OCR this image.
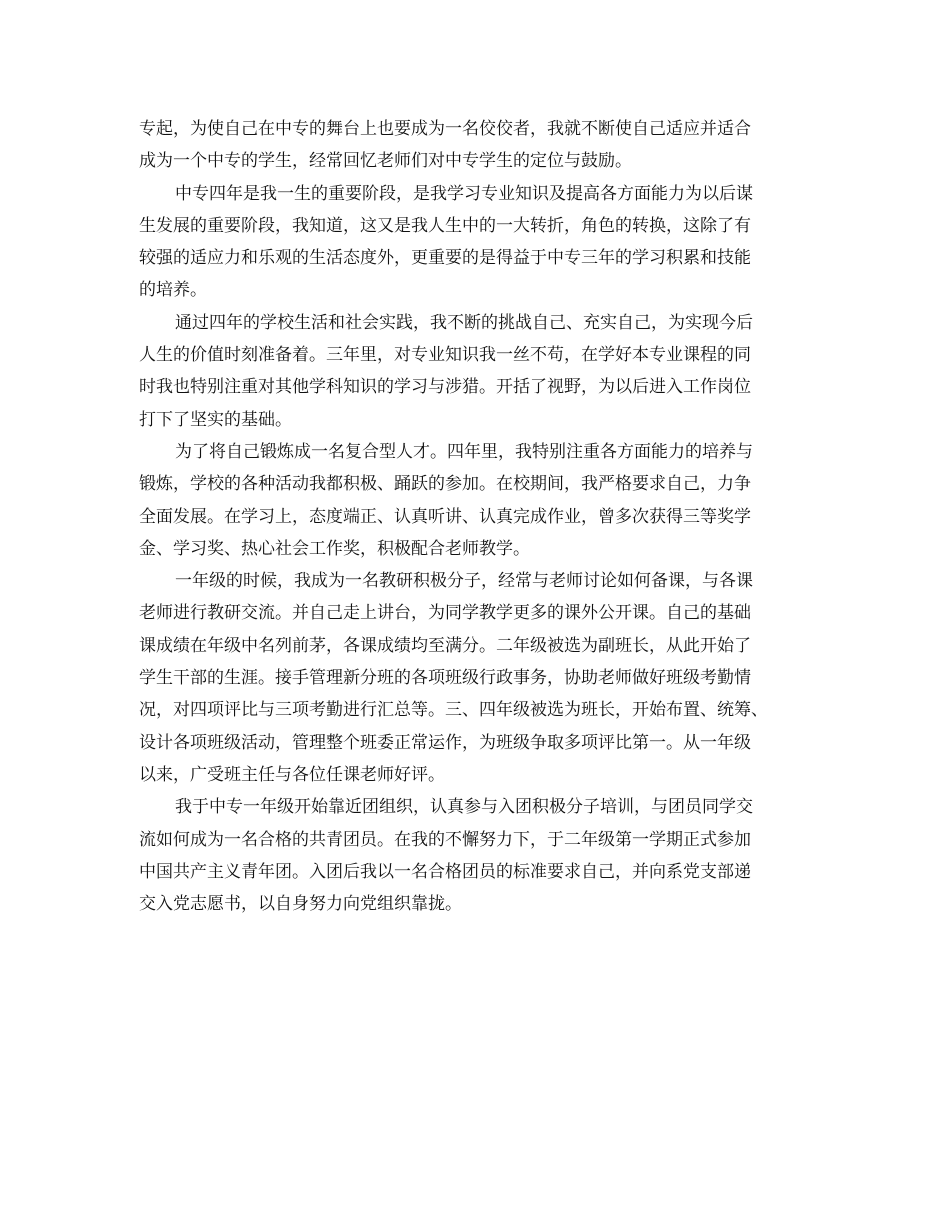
专起，为使自己在中专的舞台上也要成为一名佼佼者，我就不断使自己适应并适合
成为一个中专的学生，经常回忆老师们对中专学生的定位与鼓励。
中专四年是我一生的重要阶段，是我学习专业知识及提高各方面能力为以后谋
生发展的重要阶段，我知道，这又是我人生中的一大转折，角色的转换，这除了有
较强的适应力和乐观的生活态度外，更重要的是得益于中专三年的学习积累和技能
的培养。
通过四年的学校生活和社会实践，我不断的挑战自己、充实自己，为实现今后
人生的价值时刻准备着。三年里，对专业知识我一丝不苟，在学好本专业课程的同
时我也特别注重对其他学科知识的学习与涉猎。开括了视野，为以后进入工作岗位
打下了坚实的基础。
为了将自己锻炼成一名复合型人才。四年里，我特别注重各方面能力的培养与
锻炼，学校的各种活动我都积极、踊跃的参加。在校期间，我严格要求自己，力争
全面发展。在学习上，态度端正、认真听讲、认真完成作业，曾多次获得三等奖学
金、学习奖、热心社会工作奖，积极配合老师教学。
一年级的时候，我成为一名教研积极分子，经常与老师讨论如何备课，与各课
老师进行教研交流。并自己走上讲台，为同学教学更多的课外公开课。自己的基础
课成绩在年级中名列前茅，各课成绩均至满分。二年级被选为副班长，从此开始了
学生干部的生涯。接手管理新分班的各项班级行政事务，协助老师做好班级考勤情
况，对四项评比与三项考勤进行汇总等。三、四年级被选为班长，开始布置、统筹、
设计各项班级活动，管理整个班委正常运作，为班级争取多项评比第一。从一年级
以来，广受班主任与各位任课老师好评。
我于中专一年级开始靠近团组织，认真参与入团积极分子培训，与团员同学交
流如何成为一名合格的共青团员。在我的不懈努力下，于二年级第一学期正式参加
中国共产主义青年团。入团后我以一名合格团员的标准要求自己，并向系党支部递
交入党志愿书，以自身努力向党组织靠拢。
